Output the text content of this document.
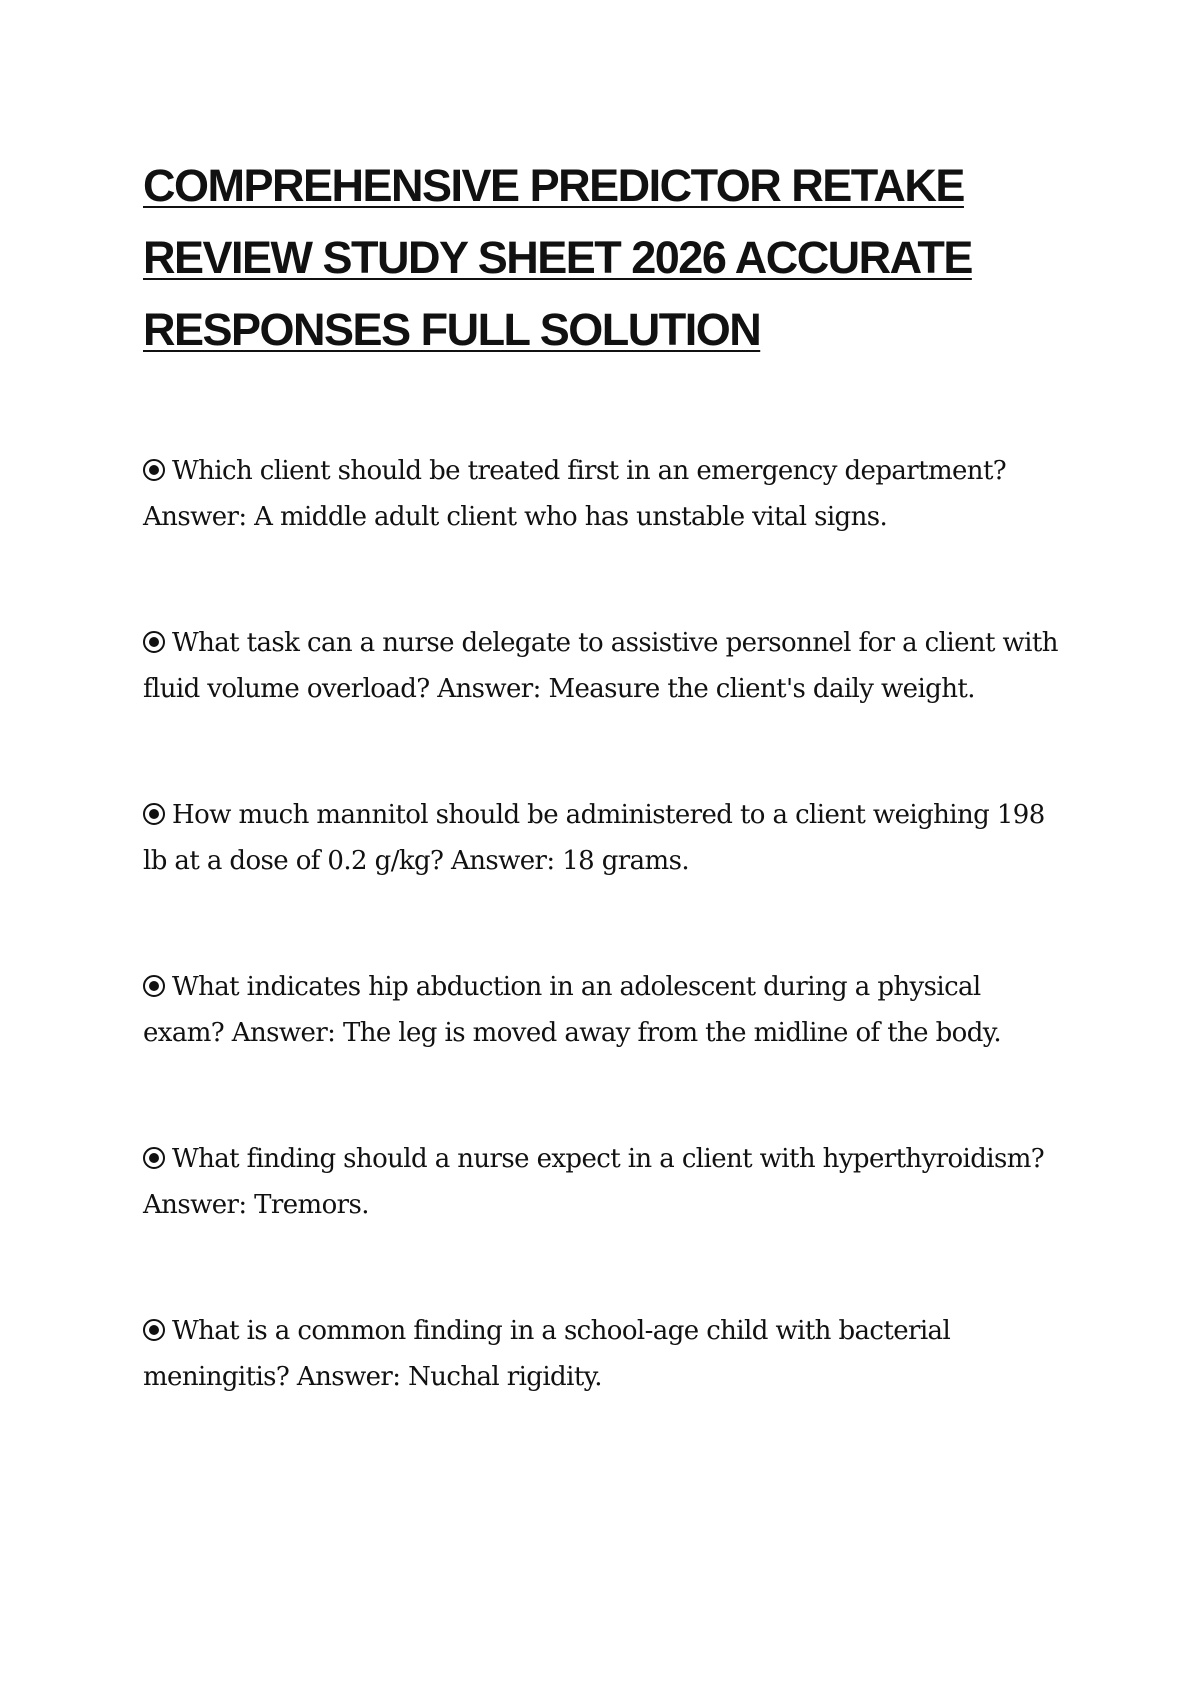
COMPREHENSIVE PREDICTOR RETAKE REVIEW STUDY SHEET 2026 ACCURATE RESPONSES FULL SOLUTION

Which client should be treated first in an emergency department? Answer: A middle adult client who has unstable vital signs.

What task can a nurse delegate to assistive personnel for a client with fluid volume overload? Answer: Measure the client's daily weight.

How much mannitol should be administered to a client weighing 198 lb at a dose of 0.2 g/kg? Answer: 18 grams.

What indicates hip abduction in an adolescent during a physical exam? Answer: The leg is moved away from the midline of the body.

What finding should a nurse expect in a client with hyperthyroidism? Answer: Tremors.

What is a common finding in a school-age child with bacterial meningitis? Answer: Nuchal rigidity.
